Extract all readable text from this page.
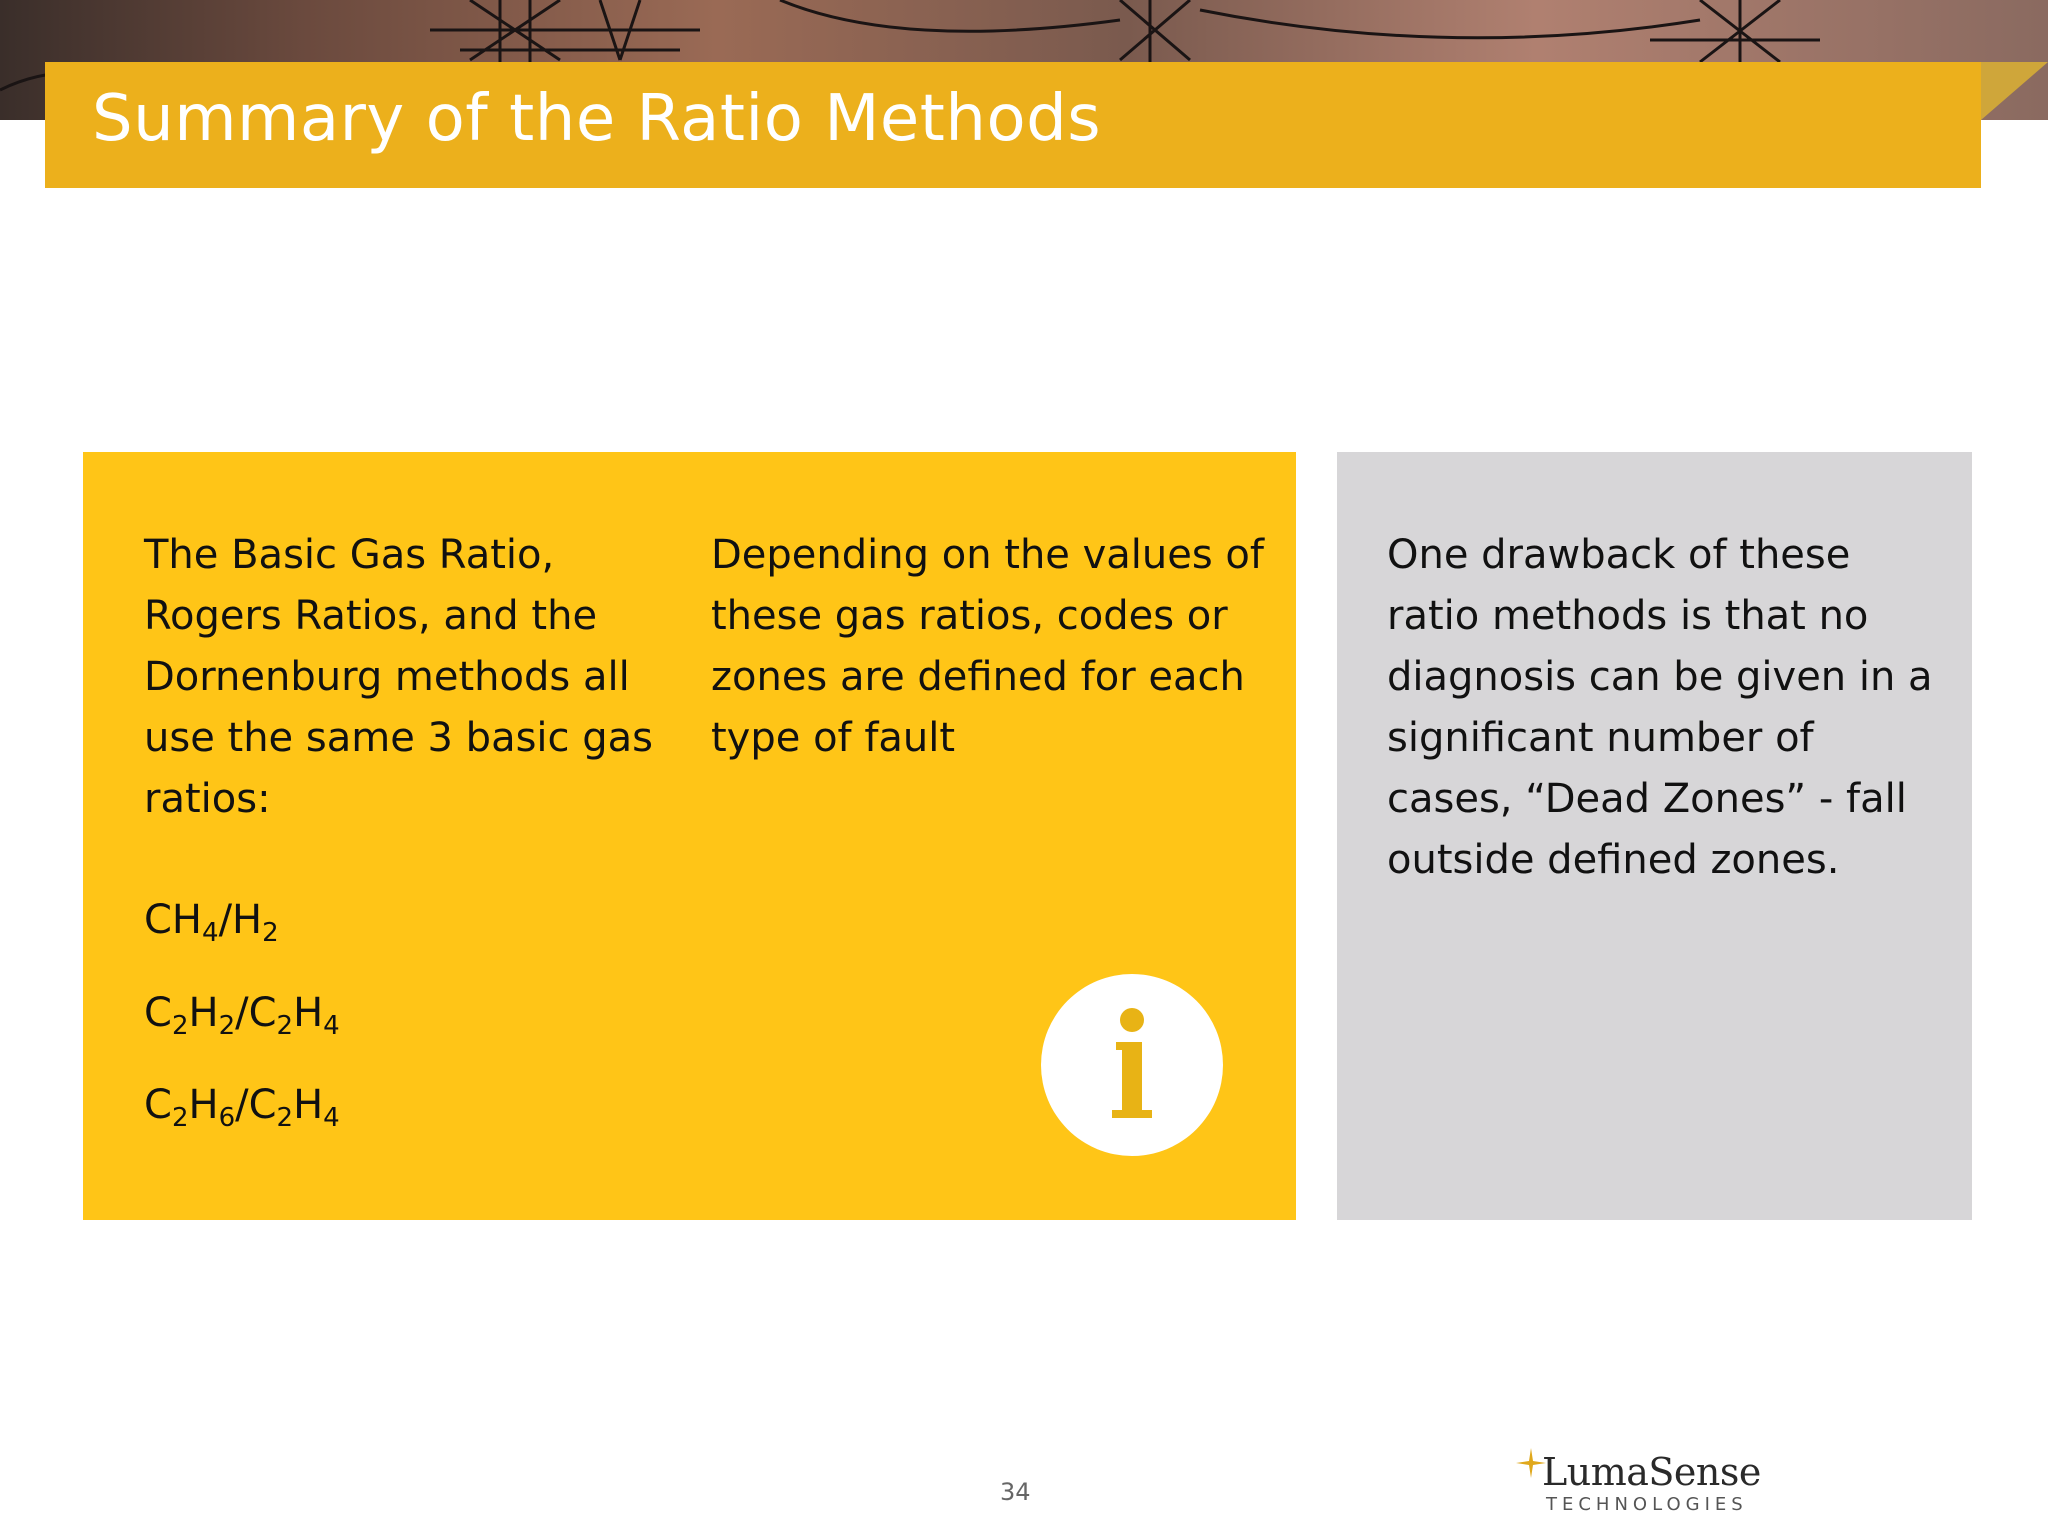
Summary of the Ratio Methods
The Basic Gas Ratio, Rogers Ratios, and the Dornenburg methods all use the same 3 basic gas ratios:
$CH_4/H_2$
$C_2H_2/C_2H_4$
$C_2H_6/C_2H_4$
Depending on the values of these gas ratios, codes or zones are defined for each type of fault
One drawback of these ratio methods is that no diagnosis can be given in a significant number of cases, “Dead Zones” - fall outside defined zones.
34	LumaSense
TECHNOLOGIES
